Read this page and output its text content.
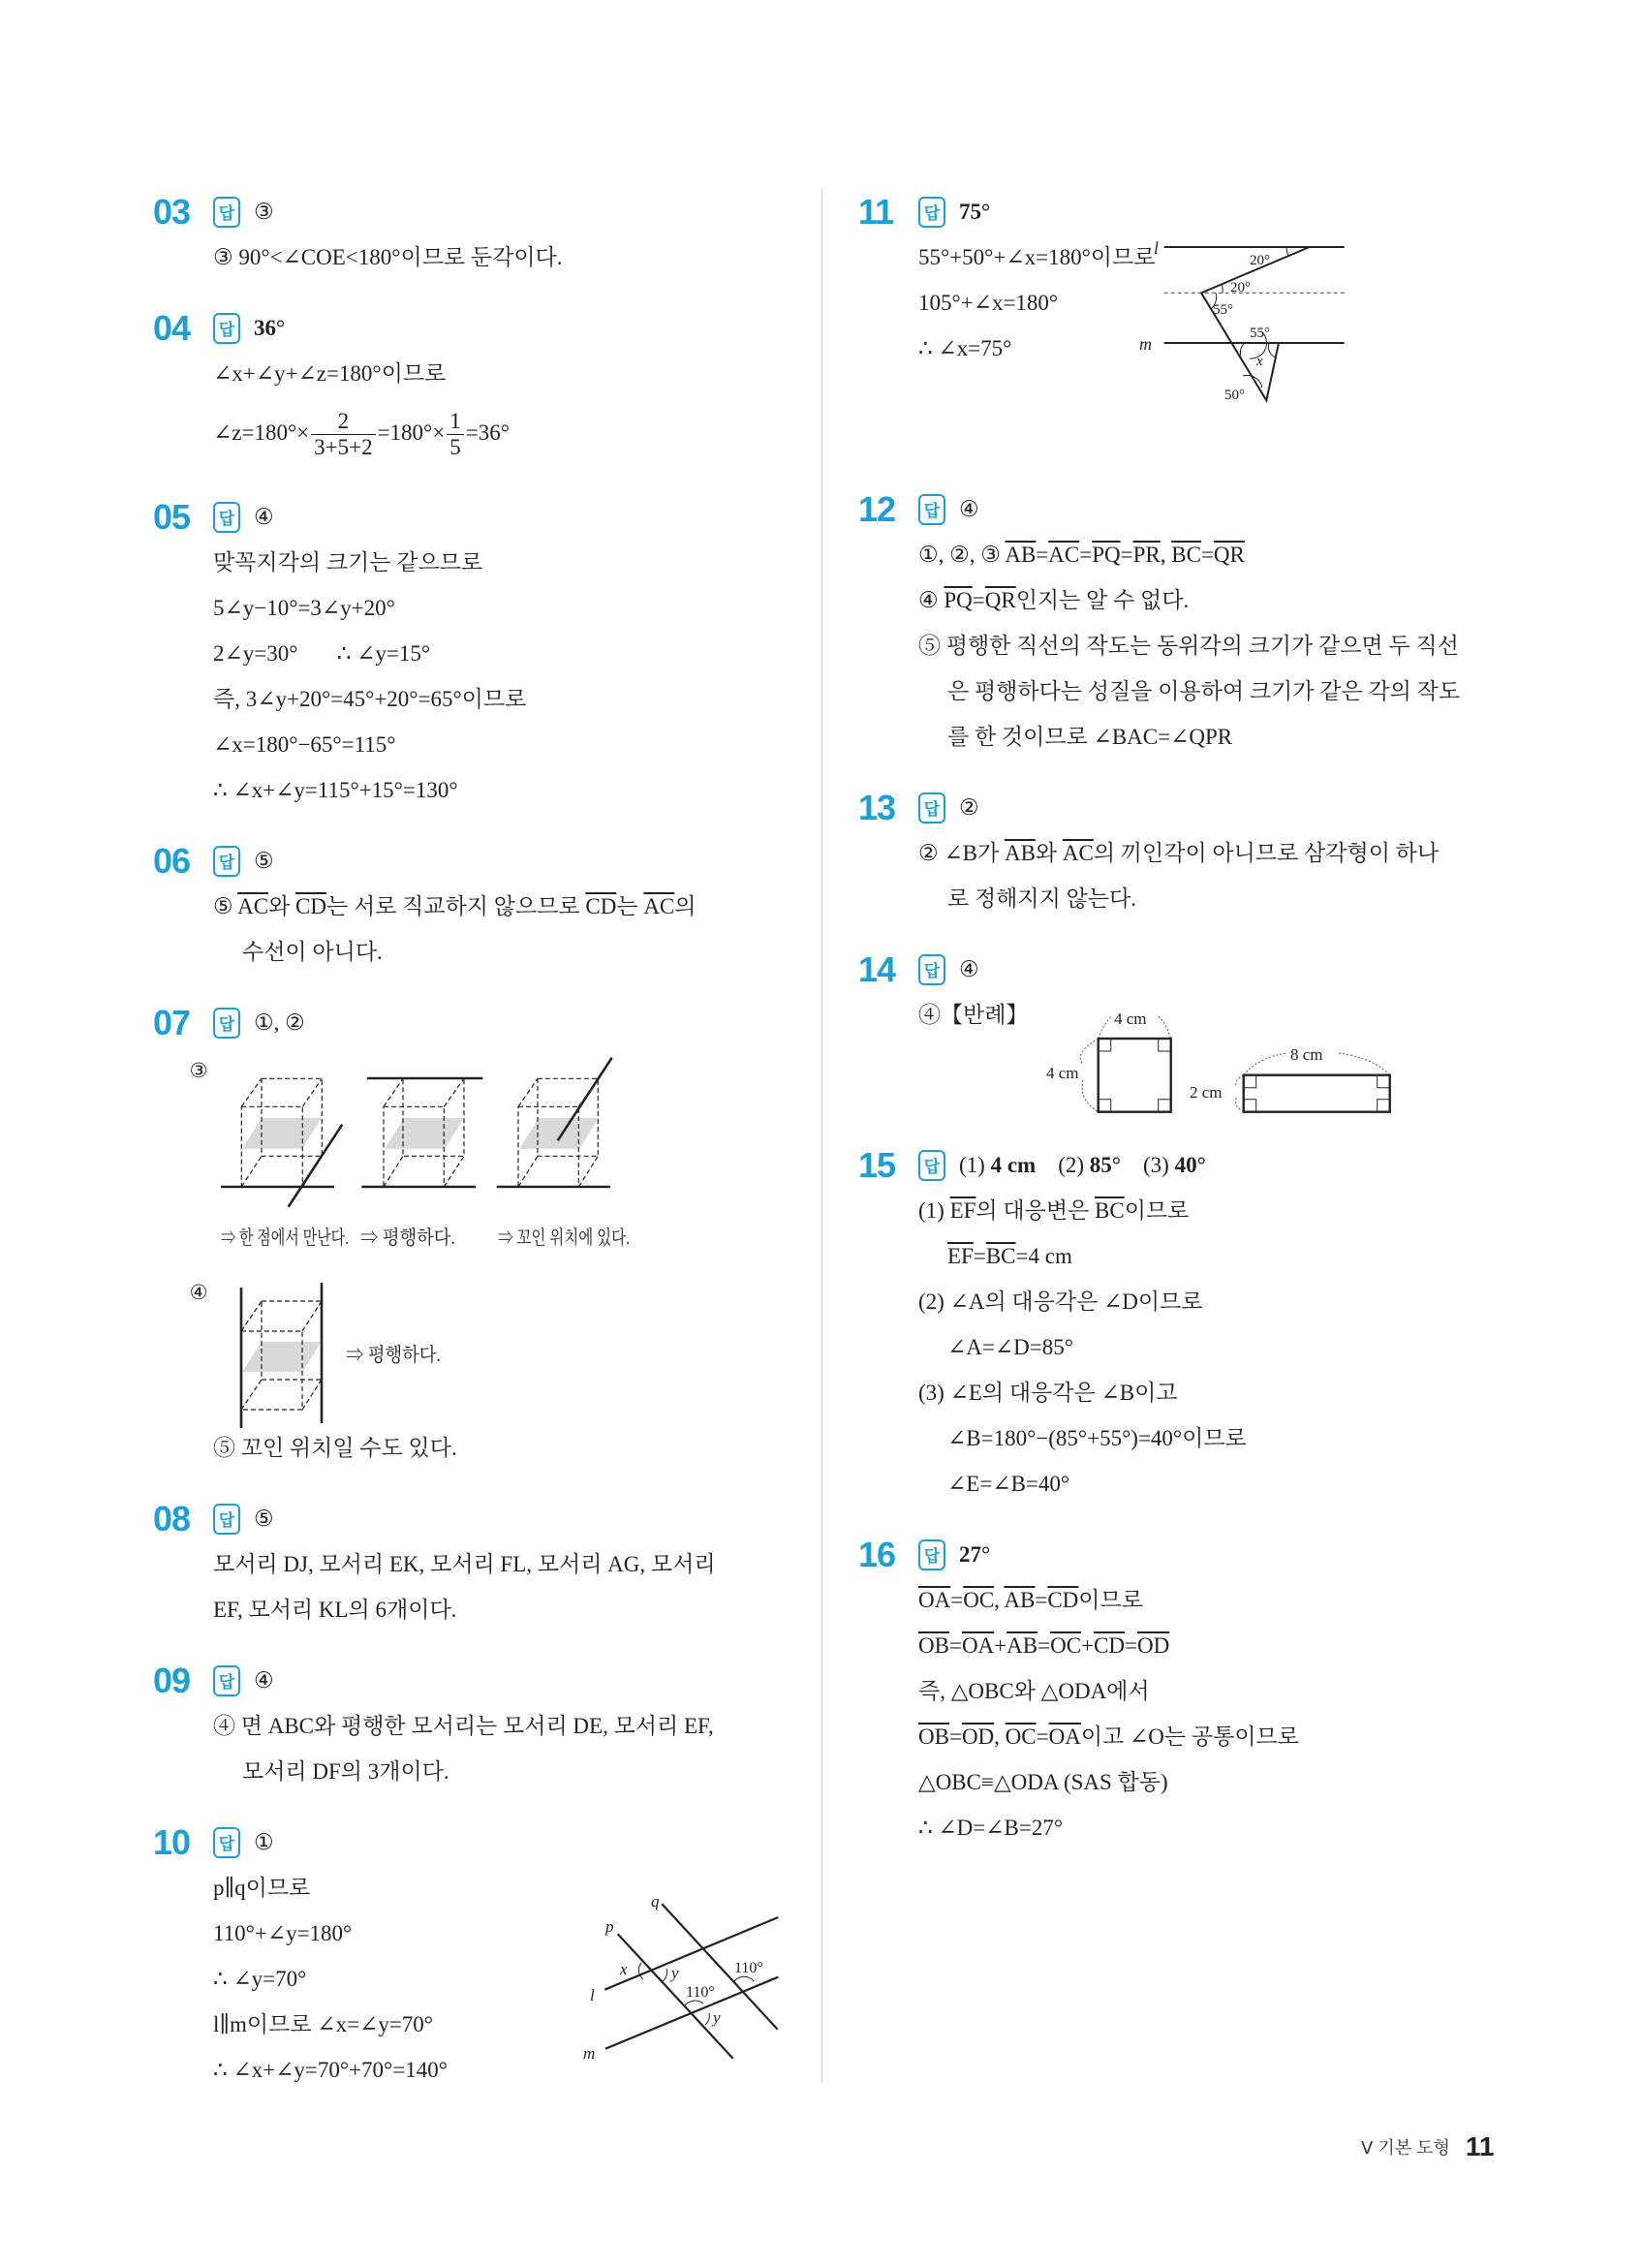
03	답 ③
③ 90°<∠COE<180°이므로 둔각이다.
04	답 36°
∠x+∠y+∠z=180°이므로
∠z=180°× $\frac{2}{3+5+2} =180^\circ\times \frac{1}{5} =36^\circ$
05	답 ④
맞꼭지각의 크기는 같으므로
5∠y−10°=3∠y+20°
2∠y=30°       ∴ ∠y=15°
즉, 3∠y+20°=45°+20°=65°이므로
∠x=180°−65°=115°
∴ ∠x+∠y=115°+15°=130°
06	답 ⑤
⑤ $\overline{AC}$와 $\overline{CD}$는 서로 직교하지 않으므로 $\overline{CD}$는 $\overline{AC}$의
수선이 아니다.
07	답 ①, ②
③
④
⇒ 한 점에서 만난다.
⇒ 평행하다. ⇒ 꼬인 위치에 있다.
⇒ 평행하다.
⑤ 꼬인 위치일 수도 있다.
08	답 ⑤
모서리 DJ, 모서리 EK, 모서리 FL, 모서리 AG, 모서리
EF, 모서리 KL의 6개이다.
09	답 ④
④ 면 ABC와 평행한 모서리는 모서리 DE, 모서리 EF,
모서리 DF의 3개이다.
10	답 ①
p∥q이므로
110°+∠y=180°
∴ ∠y=70°
l∥m이므로 ∠x=∠y=70°
∴ ∠x+∠y=70°+70°=140°
q
p
l
m
x	y
y
110°
110°
11	답 75°
55°+50°+∠x=180°이므로
105°+∠x=180°
∴ ∠x=75°
l
m
20°
20°
55°
55°
x
50°
12	답 ④
①, ②, ③ $\overline{AB}=\overline{AC}=\overline{PQ}=\overline{PR}$, $\overline{BC}=\overline{QR}$
④ $\overline{PQ}=\overline{QR}$인지는 알 수 없다.
⑤ 평행한 직선의 작도는 동위각의 크기가 같으면 두 직선
은 평행하다는 성질을 이용하여 크기가 같은 각의 작도
를 한 것이므로 ∠BAC=∠QPR
13	답 ②
② ∠B가 $\overline{AB}$와 $\overline{AC}$의 끼인각이 아니므로 삼각형이 하나
로 정해지지 않는다.
14	답 ④
④【반례】	4 cm
4 cm
8 cm
2 cm
15	답 (1) 4 cm    (2) 85°    (3) 40°
(1) $\overline{EF}$의 대응변은 $\overline{BC}$이므로
$\overline{EF}=\overline{BC}=4$ cm
(2) ∠A의 대응각은 ∠D이므로
∠A=∠D=85°
(3) ∠E의 대응각은 ∠B이고
∠B=180°−(85°+55°)=40°이므로
∠E=∠B=40°
16	답 27°
$\overline{OA}=\overline{OC}$, $\overline{AB}=\overline{CD}$이므로
$\overline{OB}=\overline{OA}+\overline{AB}=\overline{OC}+\overline{CD}=\overline{OD}$
즉, △OBC와 △ODA에서
$\overline{OB}=\overline{OD}$, $\overline{OC}=\overline{OA}$이고 ∠O는 공통이므로
△OBC≡△ODA (SAS 합동)
∴ ∠D=∠B=27°
Ⅴ 기본 도형 11
